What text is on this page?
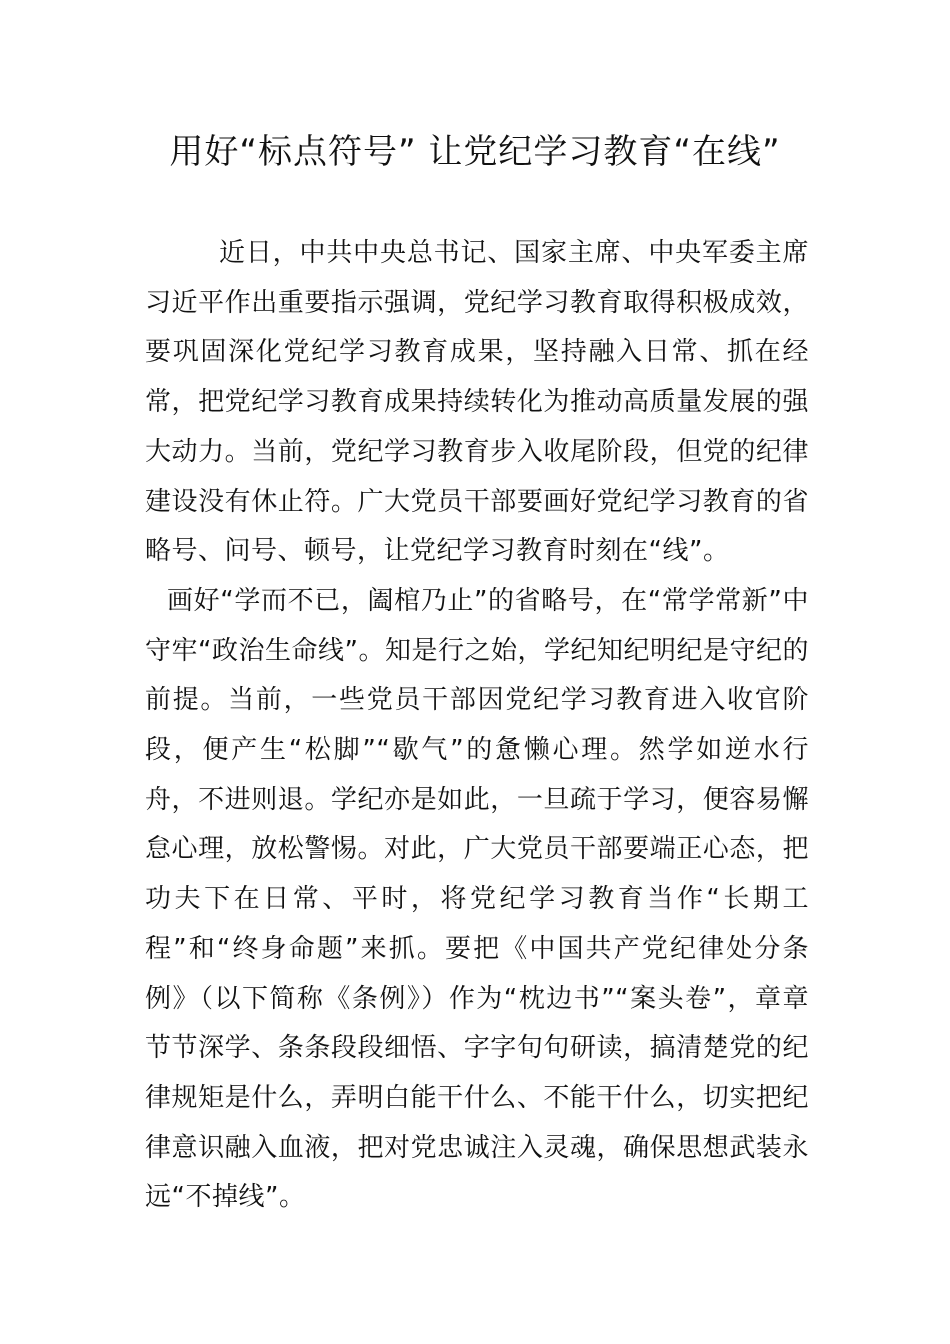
用好“标点符号” 让党纪学习教育“在线”

近日，中共中央总书记、国家主席、中央军委主席习近平作出重要指示强调，党纪学习教育取得积极成效，要巩固深化党纪学习教育成果，坚持融入日常、抓在经常，把党纪学习教育成果持续转化为推动高质量发展的强大动力。当前，党纪学习教育步入收尾阶段，但党的纪律建设没有休止符。广大党员干部要画好党纪学习教育的省略号、问号、顿号，让党纪学习教育时刻在“线”。

画好“学而不已，阖棺乃止”的省略号，在“常学常新”中守牢“政治生命线”。知是行之始，学纪知纪明纪是守纪的前提。当前，一些党员干部因党纪学习教育进入收官阶段，便产生“松脚”“歇气”的惫懒心理。然学如逆水行舟，不进则退。学纪亦是如此，一旦疏于学习，便容易懈怠心理，放松警惕。对此，广大党员干部要端正心态，把功夫下在日常、平时，将党纪学习教育当作“长期工程”和“终身命题”来抓。要把《中国共产党纪律处分条例》（以下简称《条例》）作为“枕边书”“案头卷”，章章节节深学、条条段段细悟、字字句句研读，搞清楚党的纪律规矩是什么，弄明白能干什么、不能干什么，切实把纪律意识融入血液，把对党忠诚注入灵魂，确保思想武装永远“不掉线”。
